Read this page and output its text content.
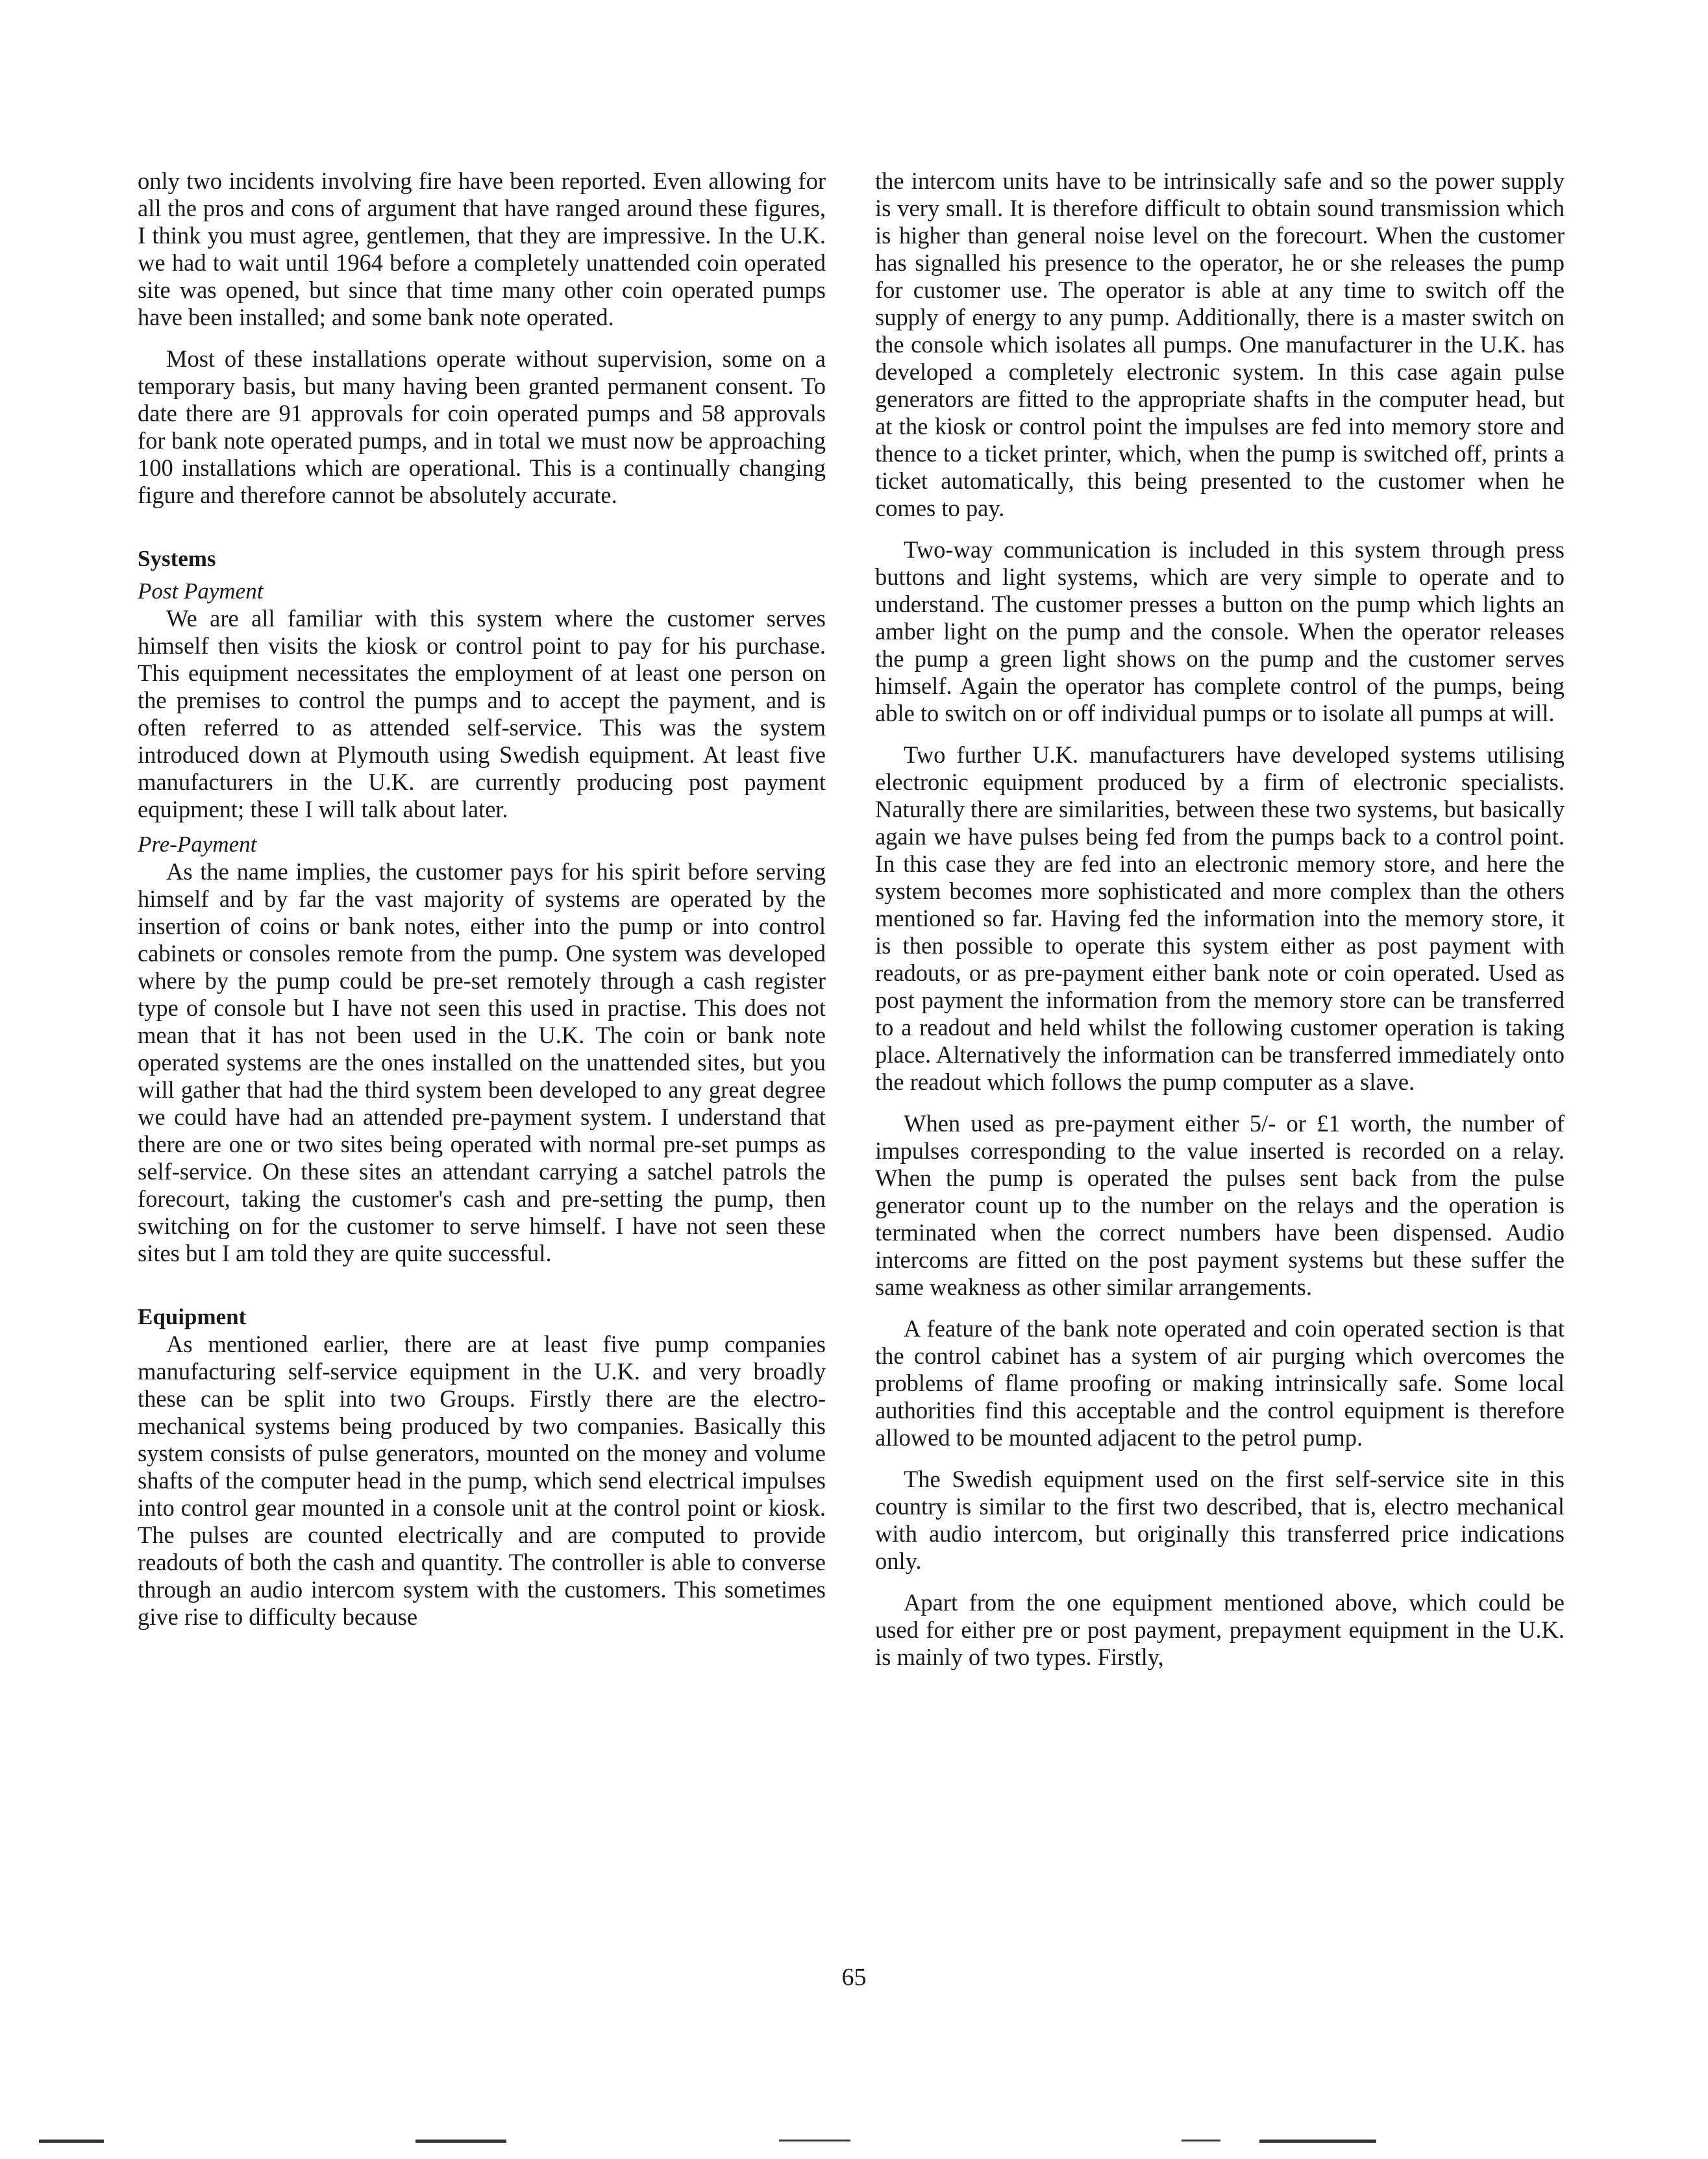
only two incidents involving fire have been reported. Even allowing for all the pros and cons of argument that have ranged around these figures, I think you must agree, gentlemen, that they are impressive. In the U.K. we had to wait until 1964 before a completely unattended coin operated site was opened, but since that time many other coin operated pumps have been installed; and some bank note operated.

Most of these installations operate without supervision, some on a temporary basis, but many having been granted permanent consent. To date there are 91 approvals for coin operated pumps and 58 approvals for bank note operated pumps, and in total we must now be approaching 100 installations which are operational. This is a continually changing figure and therefore cannot be absolutely accurate.

Systems
Post Payment

We are all familiar with this system where the customer serves himself then visits the kiosk or control point to pay for his purchase. This equipment necessitates the employment of at least one person on the premises to control the pumps and to accept the payment, and is often referred to as attended self-service. This was the system introduced down at Plymouth using Swedish equipment. At least five manufacturers in the U.K. are currently producing post payment equipment; these I will talk about later.

Pre-Payment

As the name implies, the customer pays for his spirit before serving himself and by far the vast majority of systems are operated by the insertion of coins or bank notes, either into the pump or into control cabinets or consoles remote from the pump. One system was developed where by the pump could be pre-set remotely through a cash register type of console but I have not seen this used in practise. This does not mean that it has not been used in the U.K. The coin or bank note operated systems are the ones installed on the unattended sites, but you will gather that had the third system been developed to any great degree we could have had an attended pre-payment system. I understand that there are one or two sites being operated with normal pre-set pumps as self-service. On these sites an attendant carrying a satchel patrols the forecourt, taking the customer's cash and pre-setting the pump, then switching on for the customer to serve himself. I have not seen these sites but I am told they are quite successful.

Equipment

As mentioned earlier, there are at least five pump companies manufacturing self-service equipment in the U.K. and very broadly these can be split into two Groups. Firstly there are the electro-mechanical systems being produced by two companies. Basically this system consists of pulse generators, mounted on the money and volume shafts of the computer head in the pump, which send electrical impulses into control gear mounted in a console unit at the control point or kiosk. The pulses are counted electrically and are computed to provide readouts of both the cash and quantity. The controller is able to converse through an audio intercom system with the customers. This sometimes give rise to difficulty because

the intercom units have to be intrinsically safe and so the power supply is very small. It is therefore difficult to obtain sound transmission which is higher than general noise level on the forecourt. When the customer has signalled his presence to the operator, he or she releases the pump for customer use. The operator is able at any time to switch off the supply of energy to any pump. Additionally, there is a master switch on the console which isolates all pumps. One manufacturer in the U.K. has developed a completely electronic system. In this case again pulse generators are fitted to the appropriate shafts in the computer head, but at the kiosk or control point the impulses are fed into memory store and thence to a ticket printer, which, when the pump is switched off, prints a ticket automatically, this being presented to the customer when he comes to pay.

Two-way communication is included in this system through press buttons and light systems, which are very simple to operate and to understand. The customer presses a button on the pump which lights an amber light on the pump and the console. When the operator releases the pump a green light shows on the pump and the customer serves himself. Again the operator has complete control of the pumps, being able to switch on or off individual pumps or to isolate all pumps at will.

Two further U.K. manufacturers have developed systems utilising electronic equipment produced by a firm of electronic specialists. Naturally there are similarities, between these two systems, but basically again we have pulses being fed from the pumps back to a control point. In this case they are fed into an electronic memory store, and here the system becomes more sophisticated and more complex than the others mentioned so far. Having fed the information into the memory store, it is then possible to operate this system either as post payment with readouts, or as pre-payment either bank note or coin operated. Used as post payment the information from the memory store can be transferred to a readout and held whilst the following customer operation is taking place. Alternatively the information can be transferred immediately onto the readout which follows the pump computer as a slave.

When used as pre-payment either 5/- or £1 worth, the number of impulses corresponding to the value inserted is recorded on a relay. When the pump is operated the pulses sent back from the pulse generator count up to the number on the relays and the operation is terminated when the correct numbers have been dispensed. Audio intercoms are fitted on the post payment systems but these suffer the same weakness as other similar arrangements.

A feature of the bank note operated and coin operated section is that the control cabinet has a system of air purging which overcomes the problems of flame proofing or making intrinsically safe. Some local authorities find this acceptable and the control equipment is therefore allowed to be mounted adjacent to the petrol pump.

The Swedish equipment used on the first self-service site in this country is similar to the first two described, that is, electro mechanical with audio intercom, but originally this transferred price indications only.

Apart from the one equipment mentioned above, which could be used for either pre or post payment, prepayment equipment in the U.K. is mainly of two types. Firstly,

65
